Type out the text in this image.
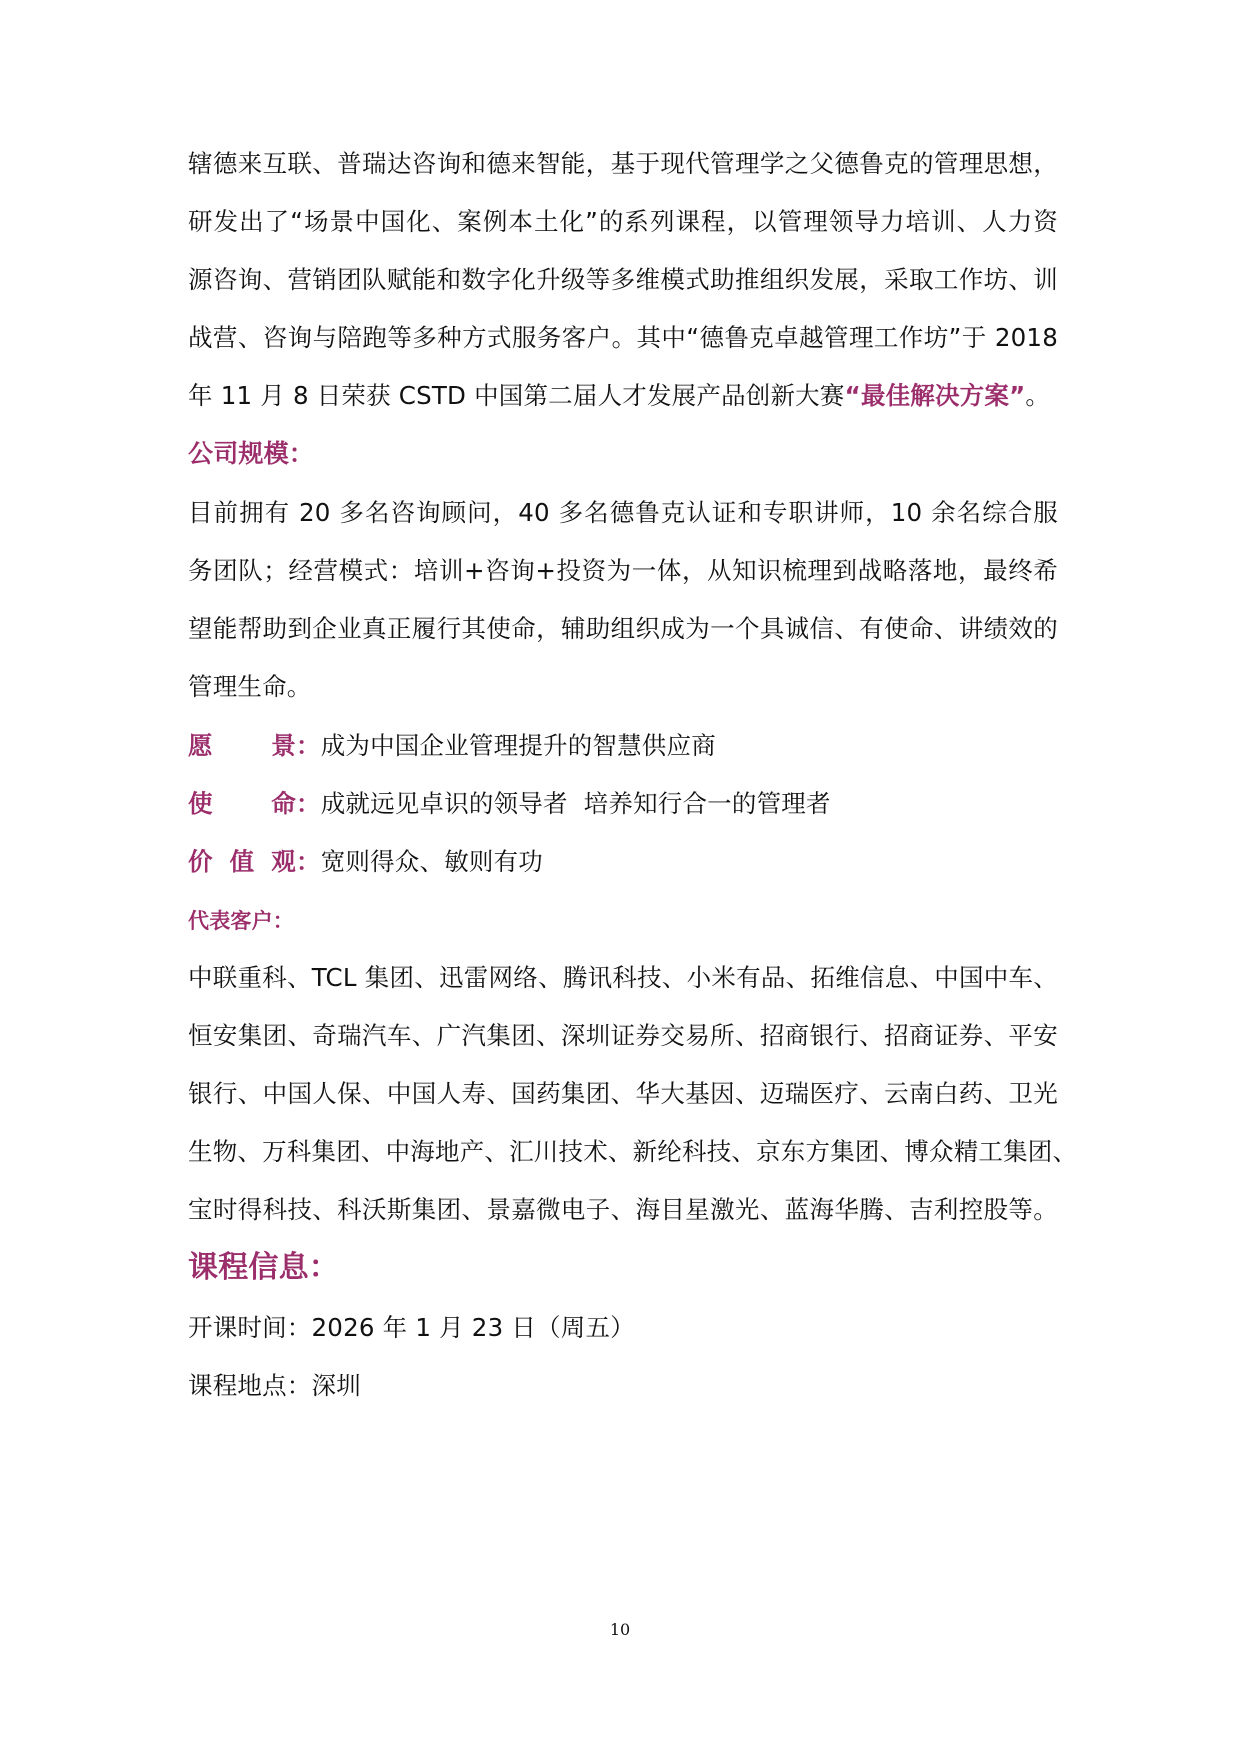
辖德来互联、普瑞达咨询和德来智能，基于现代管理学之父德鲁克的管理思想，
研发出了“场景中国化、案例本土化”的系列课程，以管理领导力培训、人力资
源咨询、营销团队赋能和数字化升级等多维模式助推组织发展，采取工作坊、训
战营、咨询与陪跑等多种方式服务客户。其中“德鲁克卓越管理工作坊”于 2018
年 11 月 8 日荣获 CSTD 中国第二届人才发展产品创新大赛“最佳解决方案”。
公司规模：
目前拥有 20 多名咨询顾问，40 多名德鲁克认证和专职讲师，10 余名综合服
务团队；经营模式：培训+咨询+投资为一体，从知识梳理到战略落地，最终希
望能帮助到企业真正履行其使命，辅助组织成为一个具诚信、有使命、讲绩效的
管理生命。
愿 景 ：成为中国企业管理提升的智慧供应商
使 命 ：成就远见卓识的领导者  培养知行合一的管理者
价 值 观 ：宽则得众、敏则有功
代表客户：
中联重科、TCL 集团、迅雷网络、腾讯科技、小米有品、拓维信息、中国中车、
恒安集团、奇瑞汽车、广汽集团、深圳证券交易所、招商银行、招商证券、平安
银行、中国人保、中国人寿、国药集团、华大基因、迈瑞医疗、云南白药、卫光
生物、万科集团、中海地产、汇川技术、新纶科技、京东方集团、博众精工集团、
宝时得科技、科沃斯集团、景嘉微电子、海目星激光、蓝海华腾、吉利控股等。
课程信息：
开课时间：2026 年 1 月 23 日（周五）
课程地点：深圳
10
